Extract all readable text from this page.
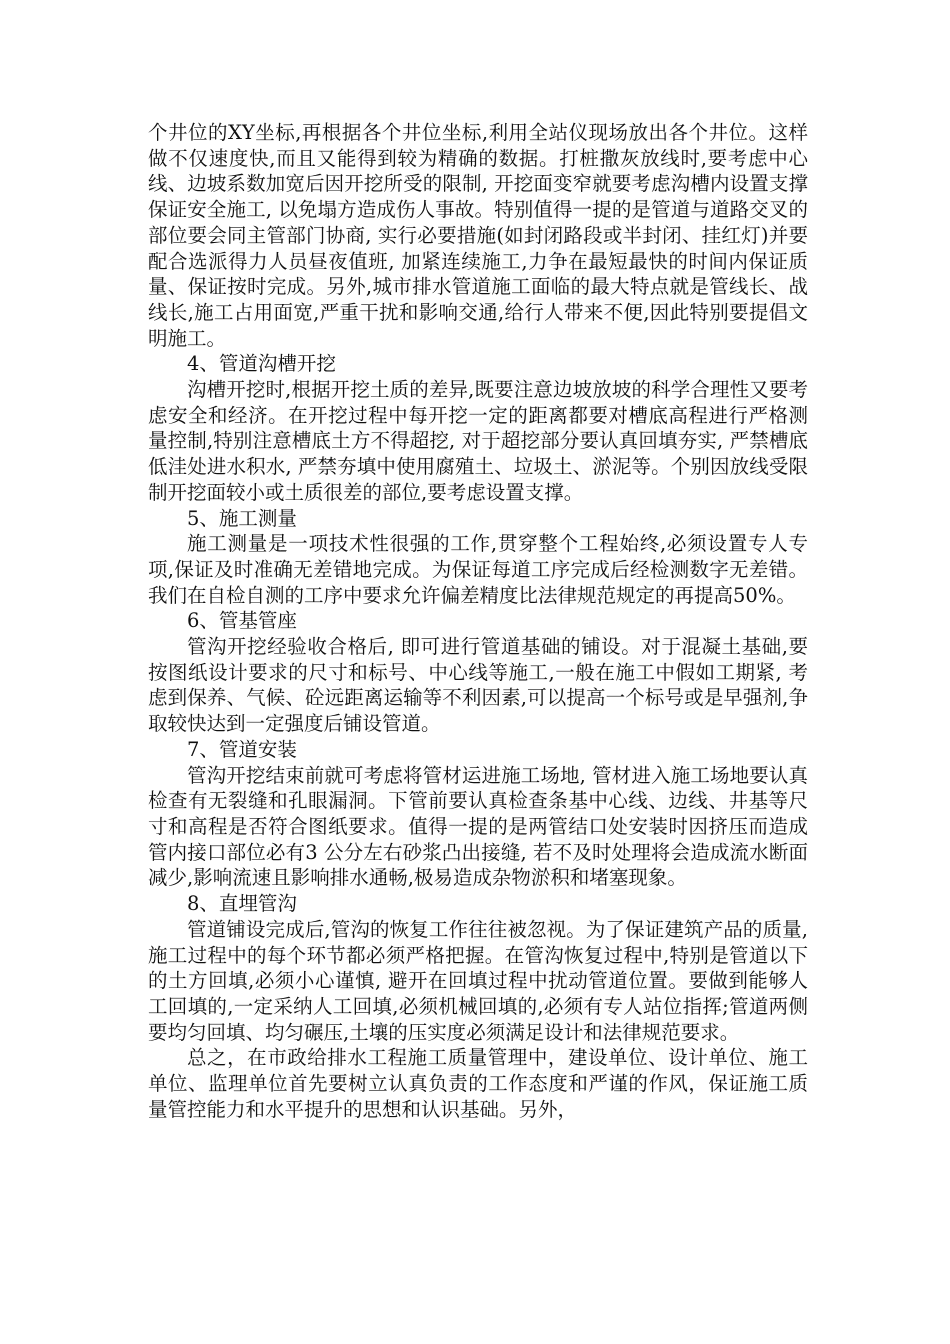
个井位的XY坐标,再根据各个井位坐标,利用全站仪现场放出各个井位。这样做不仅速度快,而且又能得到较为精确的数据。打桩撒灰放线时,要考虑中心线、边坡系数加宽后因开挖所受的限制, 开挖面变窄就要考虑沟槽内设置支撑保证安全施工, 以免塌方造成伤人事故。特别值得一提的是管道与道路交叉的部位要会同主管部门协商, 实行必要措施(如封闭路段或半封闭、挂红灯)并要配合选派得力人员昼夜值班, 加紧连续施工,力争在最短最快的时间内保证质量、保证按时完成。另外,城市排水管道施工面临的最大特点就是管线长、战线长,施工占用面宽,严重干扰和影响交通,给行人带来不便,因此特别要提倡文明施工。

4、管道沟槽开挖

沟槽开挖时,根据开挖土质的差异,既要注意边坡放坡的科学合理性又要考虑安全和经济。在开挖过程中每开挖一定的距离都要对槽底高程进行严格测量控制,特别注意槽底土方不得超挖, 对于超挖部分要认真回填夯实, 严禁槽底低洼处进水积水, 严禁夯填中使用腐殖土、垃圾土、淤泥等。个别因放线受限制开挖面较小或土质很差的部位,要考虑设置支撑。

5、施工测量

施工测量是一项技术性很强的工作,贯穿整个工程始终,必须设置专人专项,保证及时准确无差错地完成。为保证每道工序完成后经检测数字无差错。我们在自检自测的工序中要求允许偏差精度比法律规范规定的再提高50%。

6、管基管座

管沟开挖经验收合格后, 即可进行管道基础的铺设。对于混凝土基础,要按图纸设计要求的尺寸和标号、中心线等施工,一般在施工中假如工期紧, 考虑到保养、气候、砼远距离运输等不利因素,可以提高一个标号或是早强剂,争取较快达到一定强度后铺设管道。

7、管道安装

管沟开挖结束前就可考虑将管材运进施工场地, 管材进入施工场地要认真检查有无裂缝和孔眼漏洞。下管前要认真检查条基中心线、边线、井基等尺寸和高程是否符合图纸要求。值得一提的是两管结口处安装时因挤压而造成管内接口部位必有3 公分左右砂浆凸出接缝, 若不及时处理将会造成流水断面减少,影响流速且影响排水通畅,极易造成杂物淤积和堵塞现象。

8、直埋管沟

管道铺设完成后,管沟的恢复工作往往被忽视。为了保证建筑产品的质量,施工过程中的每个环节都必须严格把握。在管沟恢复过程中,特别是管道以下的土方回填,必须小心谨慎, 避开在回填过程中扰动管道位置。要做到能够人工回填的,一定采纳人工回填,必须机械回填的,必须有专人站位指挥;管道两侧要均匀回填、均匀碾压,土壤的压实度必须满足设计和法律规范要求。

总之，在市政给排水工程施工质量管理中，建设单位、设计单位、施工单位、监理单位首先要树立认真负责的工作态度和严谨的作风，保证施工质量管控能力和水平提升的思想和认识基础。另外，
